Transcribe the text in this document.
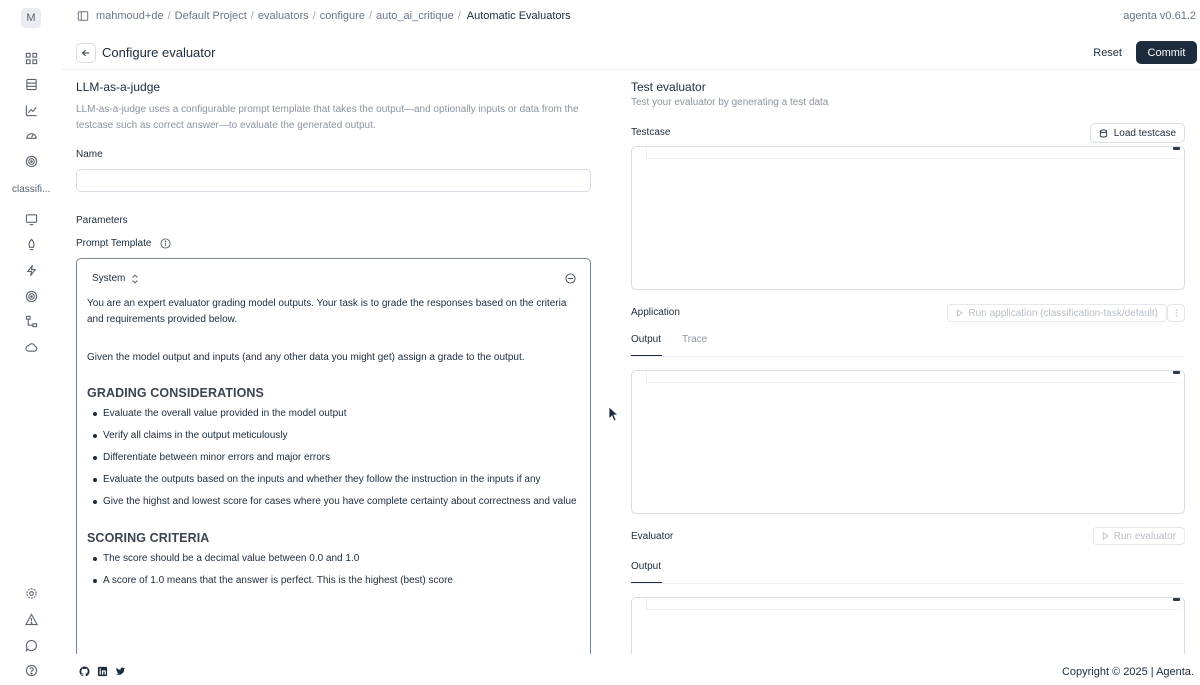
M
classifi...
mahmoud+de / Default Project / evaluators / configure / auto_ai_critique / Automatic Evaluators	agenta v0.61.2
Configure evaluator	Reset	Commit
LLM-as-a-judge
LLM-as-a-judge uses a configurable prompt template that takes the output—and optionally inputs or data from the testcase such as correct answer—to evaluate the generated output.
Name
Parameters
Prompt Template
System

You are an expert evaluator grading model outputs. Your task is to grade the responses based on the criteria and requirements provided below.

Given the model output and inputs (and any other data you might get) assign a grade to the output.

GRADING CONSIDERATIONS
Evaluate the overall value provided in the model output
Verify all claims in the output meticulously
Differentiate between minor errors and major errors
Evaluate the outputs based on the inputs and whether they follow the instruction in the inputs if any
Give the highst and lowest score for cases where you have complete certainty about correctness and value
SCORING CRITERIA
The score should be a decimal value between 0.0 and 1.0
A score of 1.0 means that the answer is perfect. This is the highest (best) score
Test evaluator
Test your evaluator by generating a test data
Testcase	Load testcase
Application	Run application (classification-task/default)
Output Trace
Evaluator	Run evaluator
Output
Copyright © 2025 | Agenta.
